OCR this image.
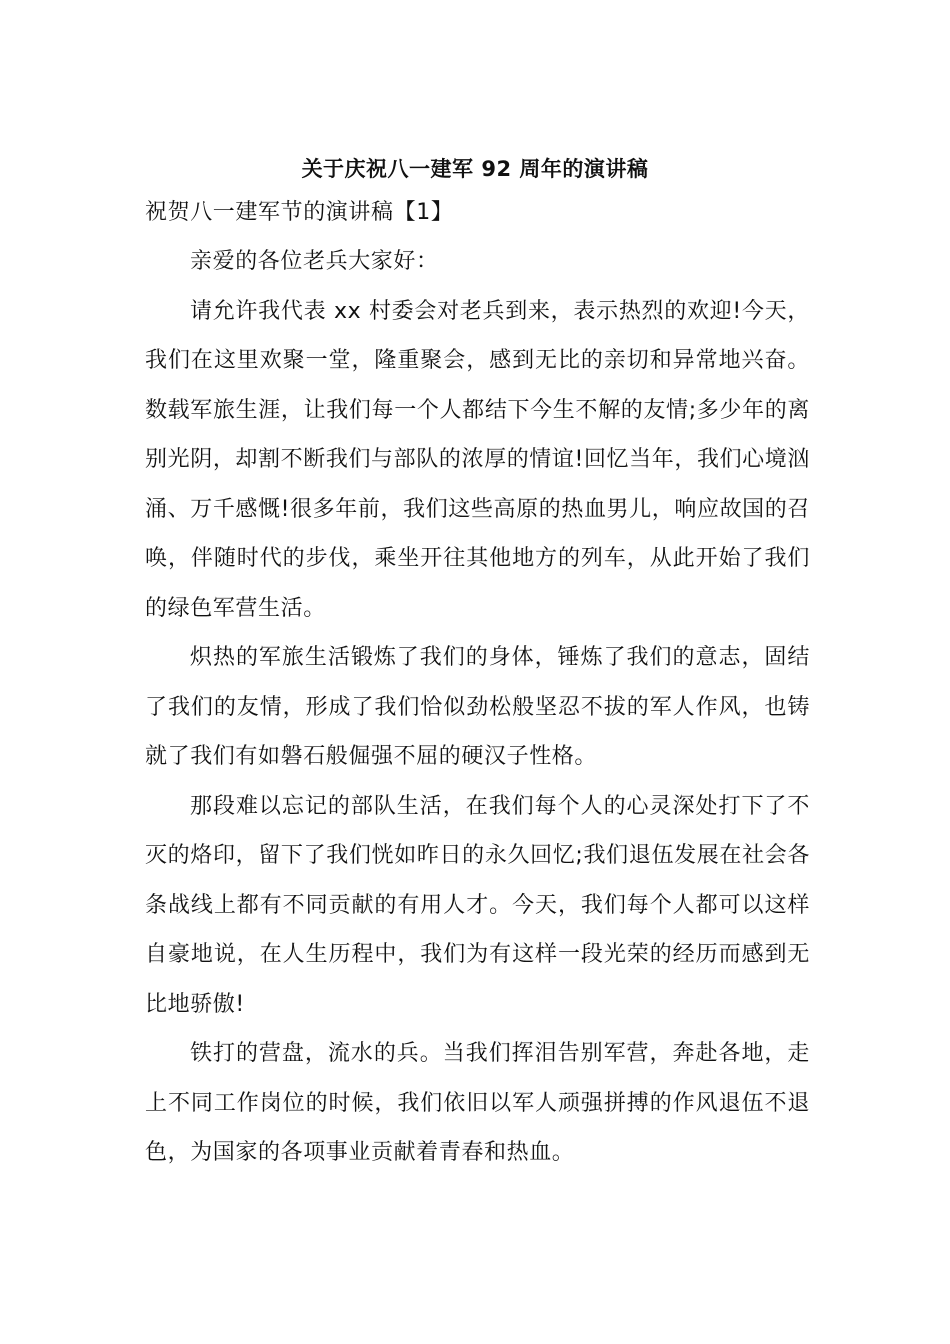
关于庆祝八一建军 92 周年的演讲稿

祝贺八一建军节的演讲稿【1】

亲爱的各位老兵大家好：

请允许我代表 xx 村委会对老兵到来，表示热烈的欢迎!今天，我们在这里欢聚一堂，隆重聚会，感到无比的亲切和异常地兴奋。数载军旅生涯，让我们每一个人都结下今生不解的友情;多少年的离别光阴，却割不断我们与部队的浓厚的情谊!回忆当年，我们心境汹涌、万千感慨!很多年前，我们这些高原的热血男儿，响应故国的召唤，伴随时代的步伐，乘坐开往其他地方的列车，从此开始了我们的绿色军营生活。

炽热的军旅生活锻炼了我们的身体，锤炼了我们的意志，固结了我们的友情，形成了我们恰似劲松般坚忍不拔的军人作风，也铸就了我们有如磐石般倔强不屈的硬汉子性格。

那段难以忘记的部队生活，在我们每个人的心灵深处打下了不灭的烙印，留下了我们恍如昨日的永久回忆;我们退伍发展在社会各条战线上都有不同贡献的有用人才。今天，我们每个人都可以这样自豪地说，在人生历程中，我们为有这样一段光荣的经历而感到无比地骄傲!

铁打的营盘，流水的兵。当我们挥泪告别军营，奔赴各地，走上不同工作岗位的时候，我们依旧以军人顽强拼搏的作风退伍不退色，为国家的各项事业贡献着青春和热血。
